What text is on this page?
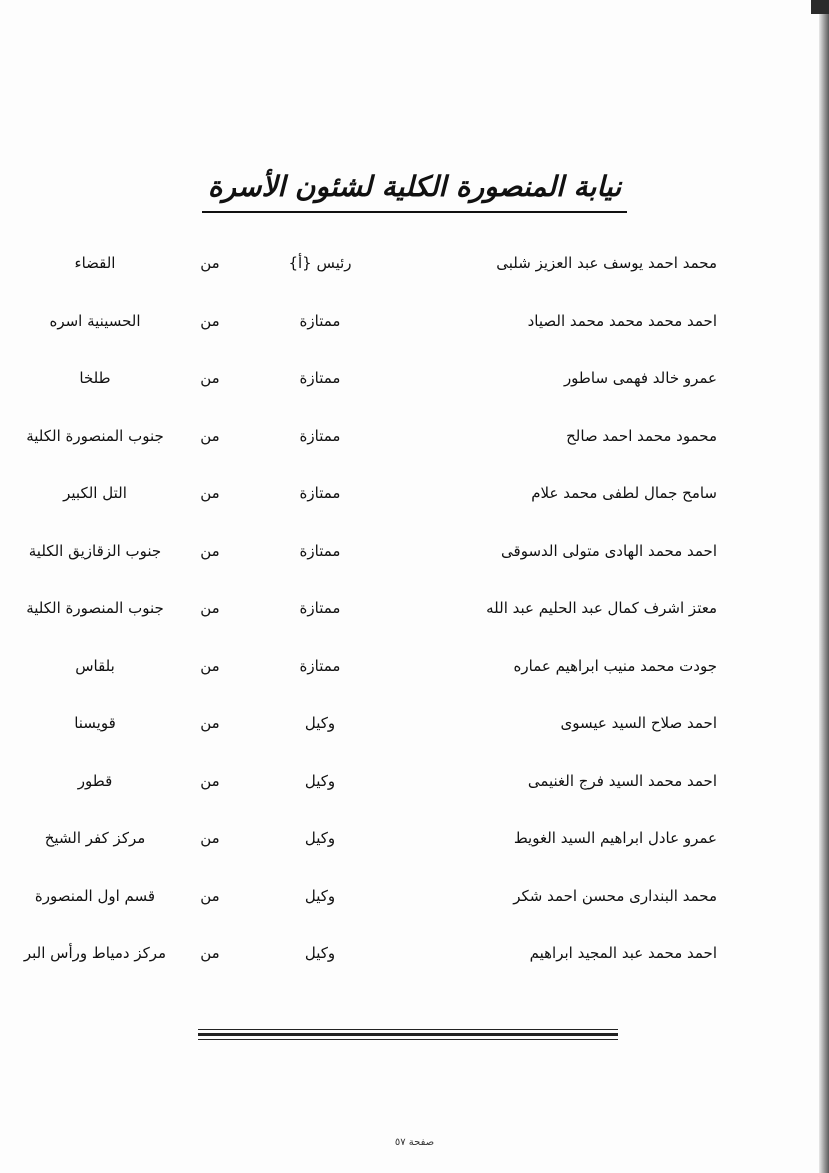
نيابة المنصورة الكلية لشئون الأسرة
محمد احمد يوسف عبد العزيز شلبى
رئيس {أ}
من
القضاء
احمد محمد محمد محمد الصياد
ممتازة
من
الحسينية اسره
عمرو خالد فهمى ساطور
ممتازة
من
طلخا
محمود محمد احمد صالح
ممتازة
من
جنوب المنصورة الكلية
سامح جمال لطفى محمد علام
ممتازة
من
التل الكبير
احمد محمد الهادى متولى الدسوقى
ممتازة
من
جنوب الزقازيق الكلية
معتز اشرف كمال عبد الحليم عبد الله
ممتازة
من
جنوب المنصورة الكلية
جودت محمد منيب ابراهيم عماره
ممتازة
من
بلقاس
احمد صلاح السيد عيسوى
وكيل
من
قويسنا
احمد محمد السيد فرج الغنيمى
وكيل
من
قطور
عمرو عادل ابراهيم السيد الغويط
وكيل
من
مركز كفر الشيخ
محمد البندارى محسن احمد شكر
وكيل
من
قسم اول المنصورة
احمد محمد عبد المجيد ابراهيم
وكيل
من
مركز دمياط ورأس البر
صفحة ٥٧
